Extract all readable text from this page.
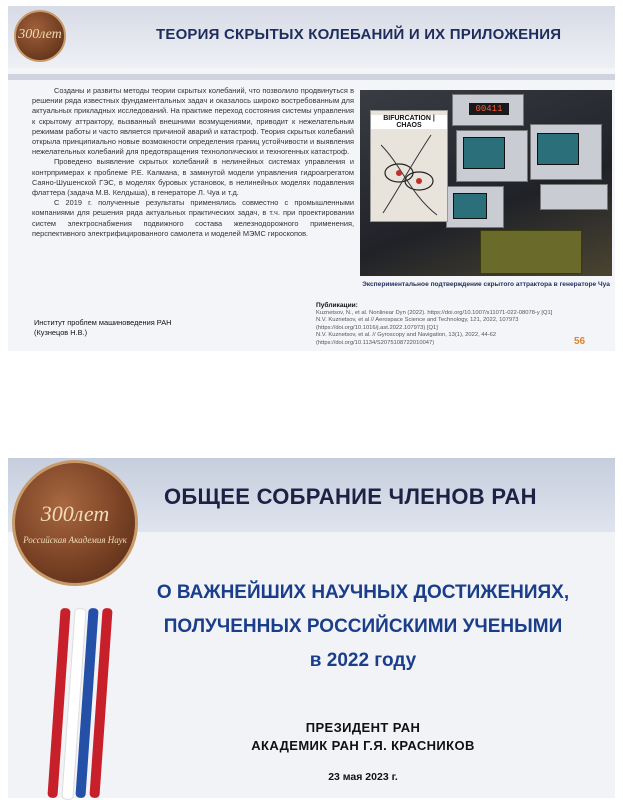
300лет	ТЕОРИЯ СКРЫТЫХ КОЛЕБАНИЙ И ИХ ПРИЛОЖЕНИЯ

Созданы и развиты методы теории скрытых колебаний, что позволило продвинуться в решении ряда известных фундаментальных задач и оказалось широко востребованным для актуальных прикладных исследований. На практике переход состояния системы управления к скрытому аттрактору, вызванный внешними возмущениями, приводит к нежелательным режимам работы и часто является причиной аварий и катастроф. Теория скрытых колебаний открыла принципиально новые возможности определения границ устойчивости и выявления нежелательных колебаний для предотвращения технологических и техногенных катастроф.

Проведено выявление скрытых колебаний в нелинейных системах управления и контрпримерах к проблеме Р.Е. Калмана, в замкнутой модели управления гидроагрегатом Саяно-Шушенской ГЭС, в моделях буровых установок, в нелинейных моделях подавления флаттера (задача М.В. Келдыша), в генераторе Л. Чуа и т.д.

С 2019 г. полученные результаты применялись совместно с промышленными компаниями для решения ряда актуальных практических задач, в т.ч. при проектировании систем электроснабжения подвижного состава железнодорожного применения, перспективного электрифицированного самолета и моделей МЭМС гироскопов.

00411
BIFURCATION | CHAOS
Экспериментальное подтверждение скрытого аттрактора в генераторе Чуа
Институт проблем машиноведения РАН
(Кузнецов Н.В.)
Публикации:
Kuznetsov, N., et al. Nonlinear Dyn (2022). https://doi.org/10.1007/s11071-022-08078-y [Q1]
N.V. Kuznetsov, et al // Aerospace Science and Technology, 121, 2022, 107973
(https://doi.org/10.1016/j.ast.2022.107973) [Q1]
N.V. Kuznetsov, et al. // Gyroscopy and Navigation, 13(1), 2022, 44-62
(https://doi.org/10.1134/S2075108722010047)	56
300лет
Российская Академия Наук
ОБЩЕЕ СОБРАНИЕ ЧЛЕНОВ РАН
О ВАЖНЕЙШИХ НАУЧНЫХ ДОСТИЖЕНИЯХ,
ПОЛУЧЕННЫХ РОССИЙСКИМИ УЧЕНЫМИ
в 2022 году
ПРЕЗИДЕНТ РАН
АКАДЕМИК РАН Г.Я. КРАСНИКОВ
23 мая 2023 г.
